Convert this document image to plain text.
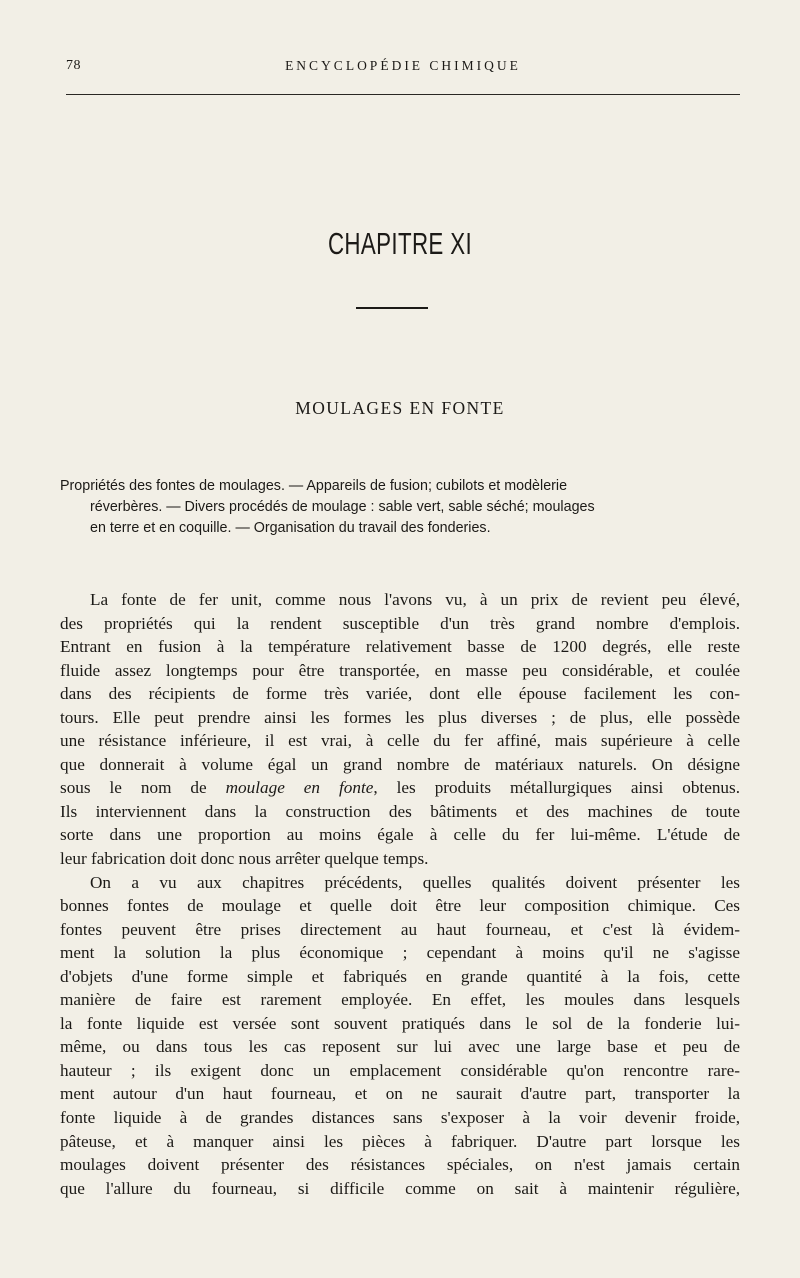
78	ENCYCLOPÉDIE CHIMIQUE
CHAPITRE XI
MOULAGES EN FONTE
Propriétés des fontes de moulages. — Appareils de fusion; cubilots et modèlerie
réverbères. — Divers procédés de moulage : sable vert, sable séché; moulages
en terre et en coquille. — Organisation du travail des fonderies.
La fonte de fer unit, comme nous l'avons vu, à un prix de revient peu élevé,
des propriétés qui la rendent susceptible d'un très grand nombre d'emplois.
Entrant en fusion à la température relativement basse de 1200 degrés, elle reste
fluide assez longtemps pour être transportée, en masse peu considérable, et coulée
dans des récipients de forme très variée, dont elle épouse facilement les con-
tours. Elle peut prendre ainsi les formes les plus diverses ; de plus, elle possède
une résistance inférieure, il est vrai, à celle du fer affiné, mais supérieure à celle
que donnerait à volume égal un grand nombre de matériaux naturels. On désigne
sous le nom de moulage en fonte, les produits métallurgiques ainsi obtenus.
Ils interviennent dans la construction des bâtiments et des machines de toute
sorte dans une proportion au moins égale à celle du fer lui-même. L'étude de
leur fabrication doit donc nous arrêter quelque temps.
On a vu aux chapitres précédents, quelles qualités doivent présenter les
bonnes fontes de moulage et quelle doit être leur composition chimique. Ces
fontes peuvent être prises directement au haut fourneau, et c'est là évidem-
ment la solution la plus économique ; cependant à moins qu'il ne s'agisse
d'objets d'une forme simple et fabriqués en grande quantité à la fois, cette
manière de faire est rarement employée. En effet, les moules dans lesquels
la fonte liquide est versée sont souvent pratiqués dans le sol de la fonderie lui-
même, ou dans tous les cas reposent sur lui avec une large base et peu de
hauteur ; ils exigent donc un emplacement considérable qu'on rencontre rare-
ment autour d'un haut fourneau, et on ne saurait d'autre part, transporter la
fonte liquide à de grandes distances sans s'exposer à la voir devenir froide,
pâteuse, et à manquer ainsi les pièces à fabriquer. D'autre part lorsque les
moulages doivent présenter des résistances spéciales, on n'est jamais certain
que l'allure du fourneau, si difficile comme on sait à maintenir régulière,
